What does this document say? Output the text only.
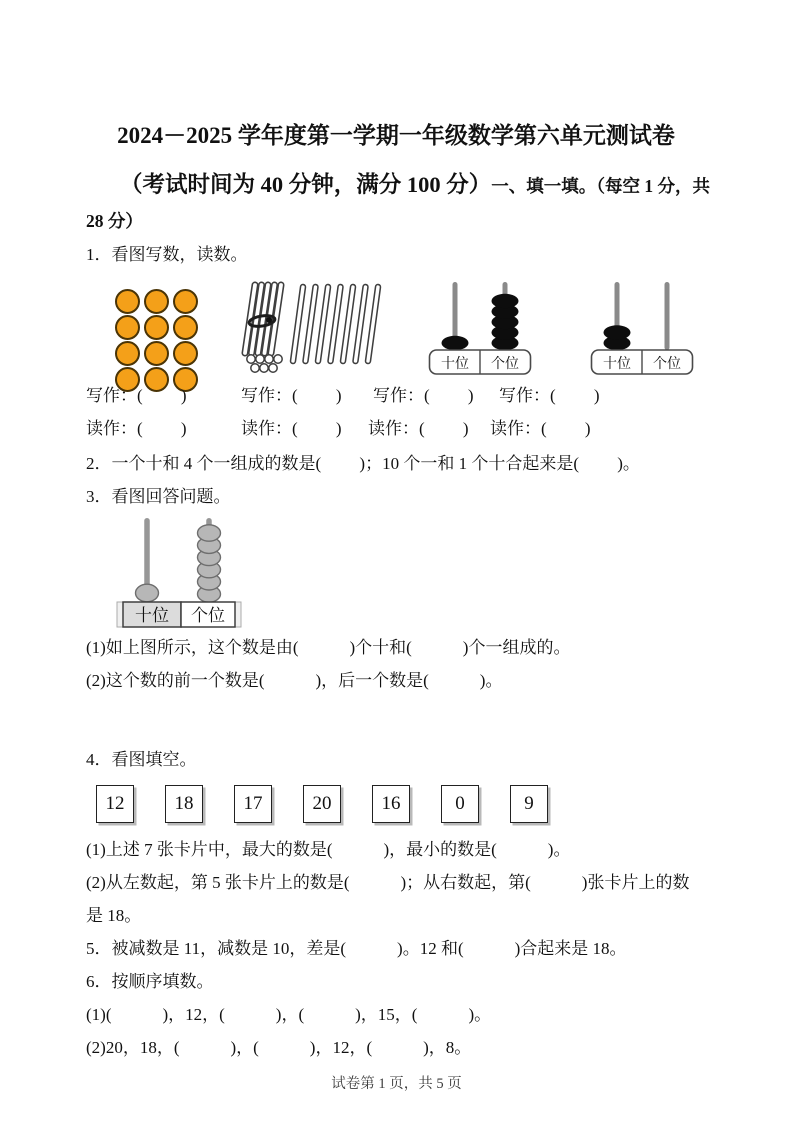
2024－2025 学年度第一学期一年级数学第六单元测试卷
（考试时间为 40 分钟，满分 100 分）一、填一填。（每空 1 分，共
28 分）

1．看图写数，读数。

十位 个位	十位 个位
写作：(　　 )	写作：(　　 ) 写作：(　　 ) 写作：(　　 )
读作：(　　 )	读作：(　　 ) 读作：(　　 ) 读作：(　　 )

2．一个十和 4 个一组成的数是(　　 )；10 个一和 1 个十合起来是(　　 )。

3．看图回答问题。

十位 个位

(1)如上图所示，这个数是由(　　　)个十和(　　　)个一组成的。

(2)这个数的前一个数是(　　　)，后一个数是(　　　)。

4．看图填空。

12	18	17	20	16	0	9

(1)上述 7 张卡片中，最大的数是(　　　)，最小的数是(　　　)。

(2)从左数起，第 5 张卡片上的数是(　　　)；从右数起，第(　　　)张卡片上的数

是 18。

5．被减数是 11，减数是 10，差是(　　　)。12 和(　　　)合起来是 18。

6．按顺序填数。

(1)(　　　)，12，(　　　)，(　　　)，15，(　　　)。

(2)20，18，(　　　)，(　　　)，12，(　　　)，8。

试卷第 1 页，共 5 页
